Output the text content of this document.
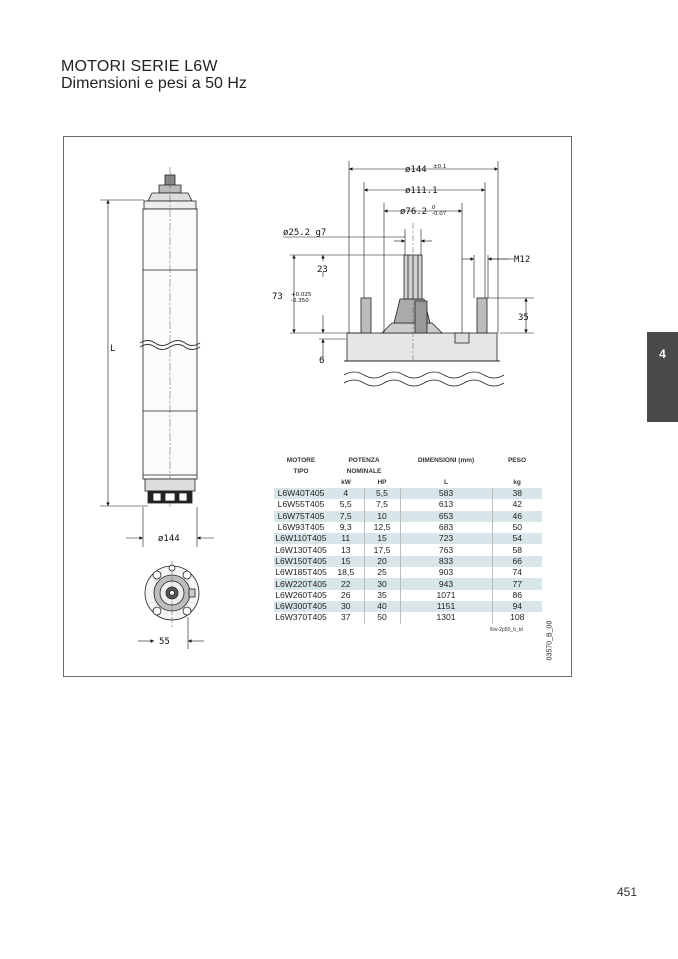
MOTORI SERIE L6W
Dimensioni e pesi a 50 Hz
L
ø144
55
ø144 ±0.1
ø111.1
ø76.2 0
-0.07
ø25.2 g7
23
73 +0.025
-0.350
M12
35
6
MOTORE	POTENZA		DIMENSIONI (mm)	PESO
TIPO	NOMINALE			
	kW	HP	L	kg
L6W40T405	4	5,5	583	38
L6W55T405	5,5	7,5	613	42
L6W75T405	7,5	10	653	46
L6W93T405	9,3	12,5	683	50
L6W110T405	11	15	723	54
L6W130T405	13	17,5	763	58
L6W150T405	15	20	833	66
L6W185T405	18,5	25	903	74
L6W220T405	22	30	943	77
L6W260T405	26	35	1071	86
L6W300T405	30	40	1151	94
L6W370T405	37	50	1301	108
l6w-2p50_b_td	03570_B_00
4
451
